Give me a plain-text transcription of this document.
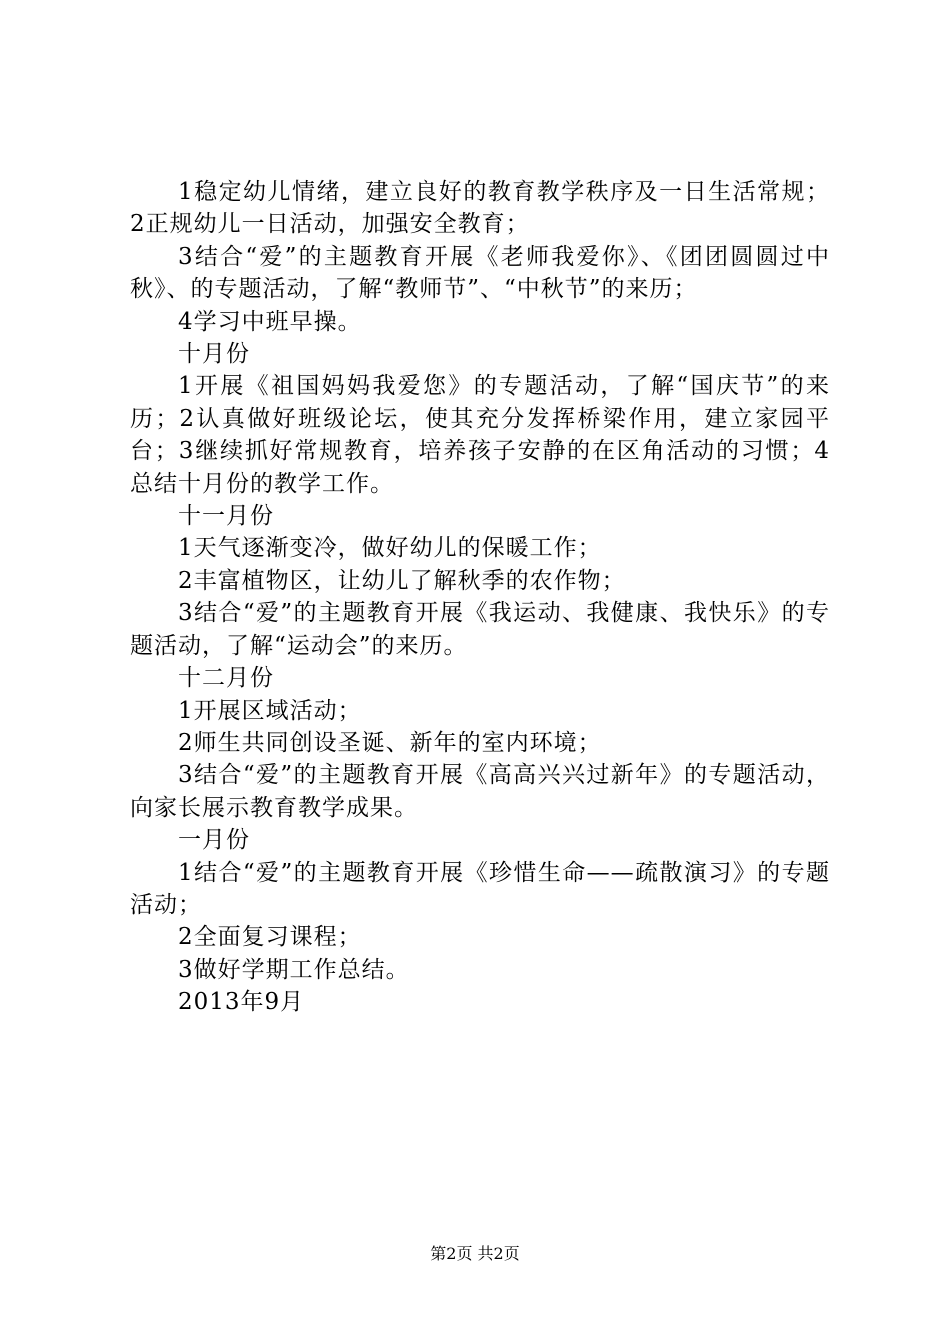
1稳定幼儿情绪，建立良好的教育教学秩序及一日生活常规；2正规幼儿一日活动，加强安全教育；

3结合“爱”的主题教育开展《老师我爱你》、《团团圆圆过中秋》、的专题活动，了解“教师节”、“中秋节”的来历；

4学习中班早操。

十月份

1开展《祖国妈妈我爱您》的专题活动，了解“国庆节”的来历；2认真做好班级论坛，使其充分发挥桥梁作用，建立家园平台；3继续抓好常规教育，培养孩子安静的在区角活动的习惯；4总结十月份的教学工作。

十一月份

1天气逐渐变冷，做好幼儿的保暖工作；

2丰富植物区，让幼儿了解秋季的农作物；

3结合“爱”的主题教育开展《我运动、我健康、我快乐》的专题活动，了解“运动会”的来历。

十二月份

1开展区域活动；

2师生共同创设圣诞、新年的室内环境；

3结合“爱”的主题教育开展《高高兴兴过新年》的专题活动，向家长展示教育教学成果。

一月份

1结合“爱”的主题教育开展《珍惜生命——疏散演习》的专题活动；

2全面复习课程；

3做好学期工作总结。

2013年9月

第2页 共2页
